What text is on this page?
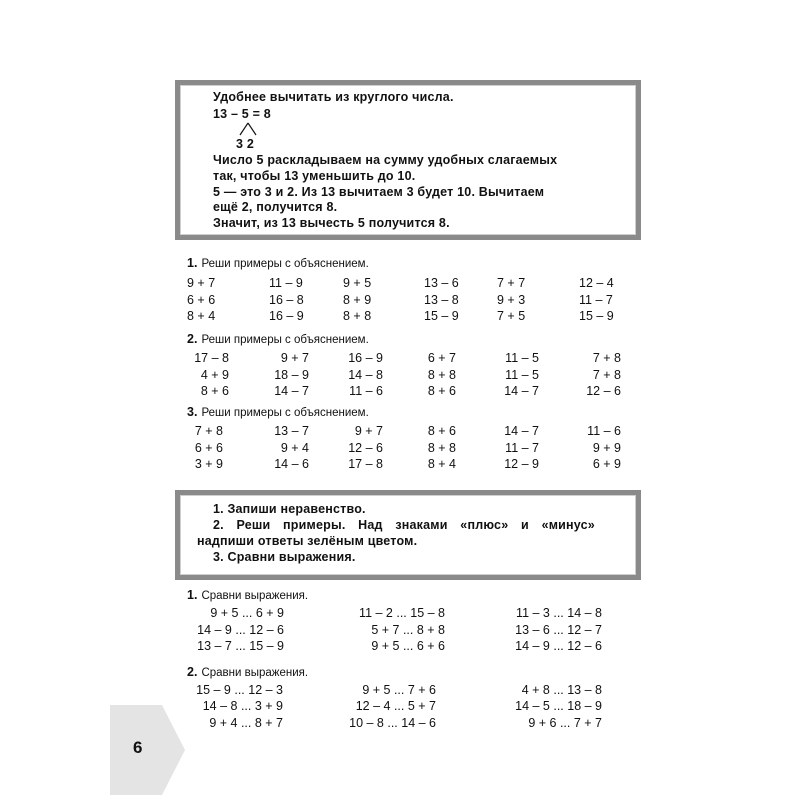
Удобнее вычитать из круглого числа.
13 – 5 = 8
3 2
Число 5 раскладываем на сумму удобных слагаемых
так, чтобы 13 уменьшить до 10.
5 — это 3 и 2. Из 13 вычитаем 3 будет 10. Вычитаем
ещё 2, получится 8.
Значит, из 13 вычесть 5 получится 8.
1. Реши примеры с объяснением.
9 + 7
6 + 6
8 + 4
11 – 9
16 – 8
16 – 9
9 + 5
8 + 9
8 + 8
13 – 6
13 – 8
15 – 9
7 + 7
9 + 3
7 + 5
12 – 4
11 – 7
15 – 9
2. Реши примеры с объяснением.
17 – 8
4 + 9
8 + 6
9 + 7
18 – 9
14 – 7
16 – 9
14 – 8
11 – 6
6 + 7
8 + 8
8 + 6
11 – 5
11 – 5
14 – 7
7 + 8
7 + 8
12 – 6
3. Реши примеры с объяснением.
7 + 8
6 + 6
3 + 9
13 – 7
9 + 4
14 – 6
9 + 7
12 – 6
17 – 8
8 + 6
8 + 8
8 + 4
14 – 7
11 – 7
12 – 9
11 – 6
9 + 9
6 + 9
1. Запиши неравенство.
2. Реши примеры. Над знаками «плюс» и «минус»
надпиши ответы зелёным цветом.
3. Сравни выражения.
1. Сравни выражения.
9 + 5 ... 6 + 9
14 – 9 ... 12 – 6
13 – 7 ... 15 – 9
11 – 2 ... 15 – 8
5 + 7 ... 8 + 8
9 + 5 ... 6 + 6
11 – 3 ... 14 – 8
13 – 6 ... 12 – 7
14 – 9 ... 12 – 6
2. Сравни выражения.
15 – 9 ... 12 – 3
14 – 8 ... 3 + 9
9 + 4 ... 8 + 7
9 + 5 ... 7 + 6
12 – 4 ... 5 + 7
10 – 8 ... 14 – 6
4 + 8 ... 13 – 8
14 – 5 ... 18 – 9
9 + 6 ... 7 + 7
6
